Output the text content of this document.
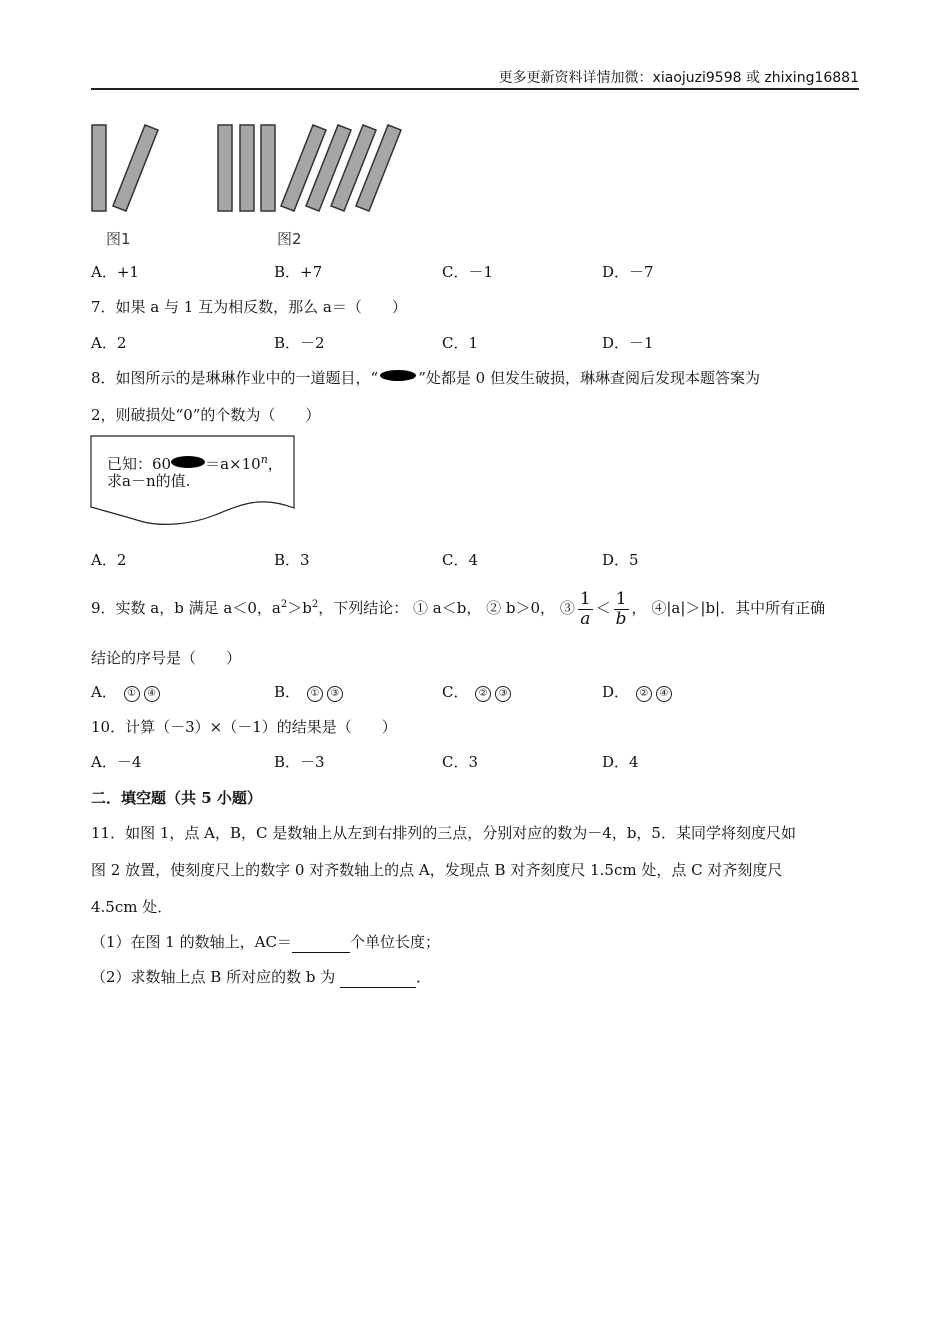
更多更新资料详情加微：xiaojuzi9598 或 zhixing16881
图1	图2
A．+1	B．+7	C．－1	D．－7
7．如果 a 与 1 互为相反数，那么 a＝（　　）
A．2	B．－2	C．1	D．－1
8．如图所示的是琳琳作业中的一道题目，“	”处都是 0 但发生破损，琳琳查阅后发现本题答案为
2，则破损处“0”的个数为（　　）
已知：$60 =a\times 10^n$，
求a－n的值.
A．2	B．3	C．4	D．5
9．实数 a，b 满足 a＜0，$a^2>b^2$，下列结论： ① a＜b， ② b＞0， ③ $\frac{1}{a} < \frac{1}{b}$ ， ④|a|＞|b|．其中所有正确
结论的序号是（　　）
A． ① ④	B． ① ③	C． ② ③	D． ② ④
10．计算（－3）×（－1）的结果是（　　）
A．－4	B．－3	C．3	D．4
二．填空题（共 5 小题）
11．如图 1，点 A，B，C 是数轴上从左到右排列的三点，分别对应的数为－4，b，5．某同学将刻度尺如
图 2 放置，使刻度尺上的数字 0 对齐数轴上的点 A，发现点 B 对齐刻度尺 1.5cm 处，点 C 对齐刻度尺
4.5cm 处．
（1）在图 1 的数轴上，AC＝	个单位长度；
（2）求数轴上点 B 所对应的数 b 为	．
